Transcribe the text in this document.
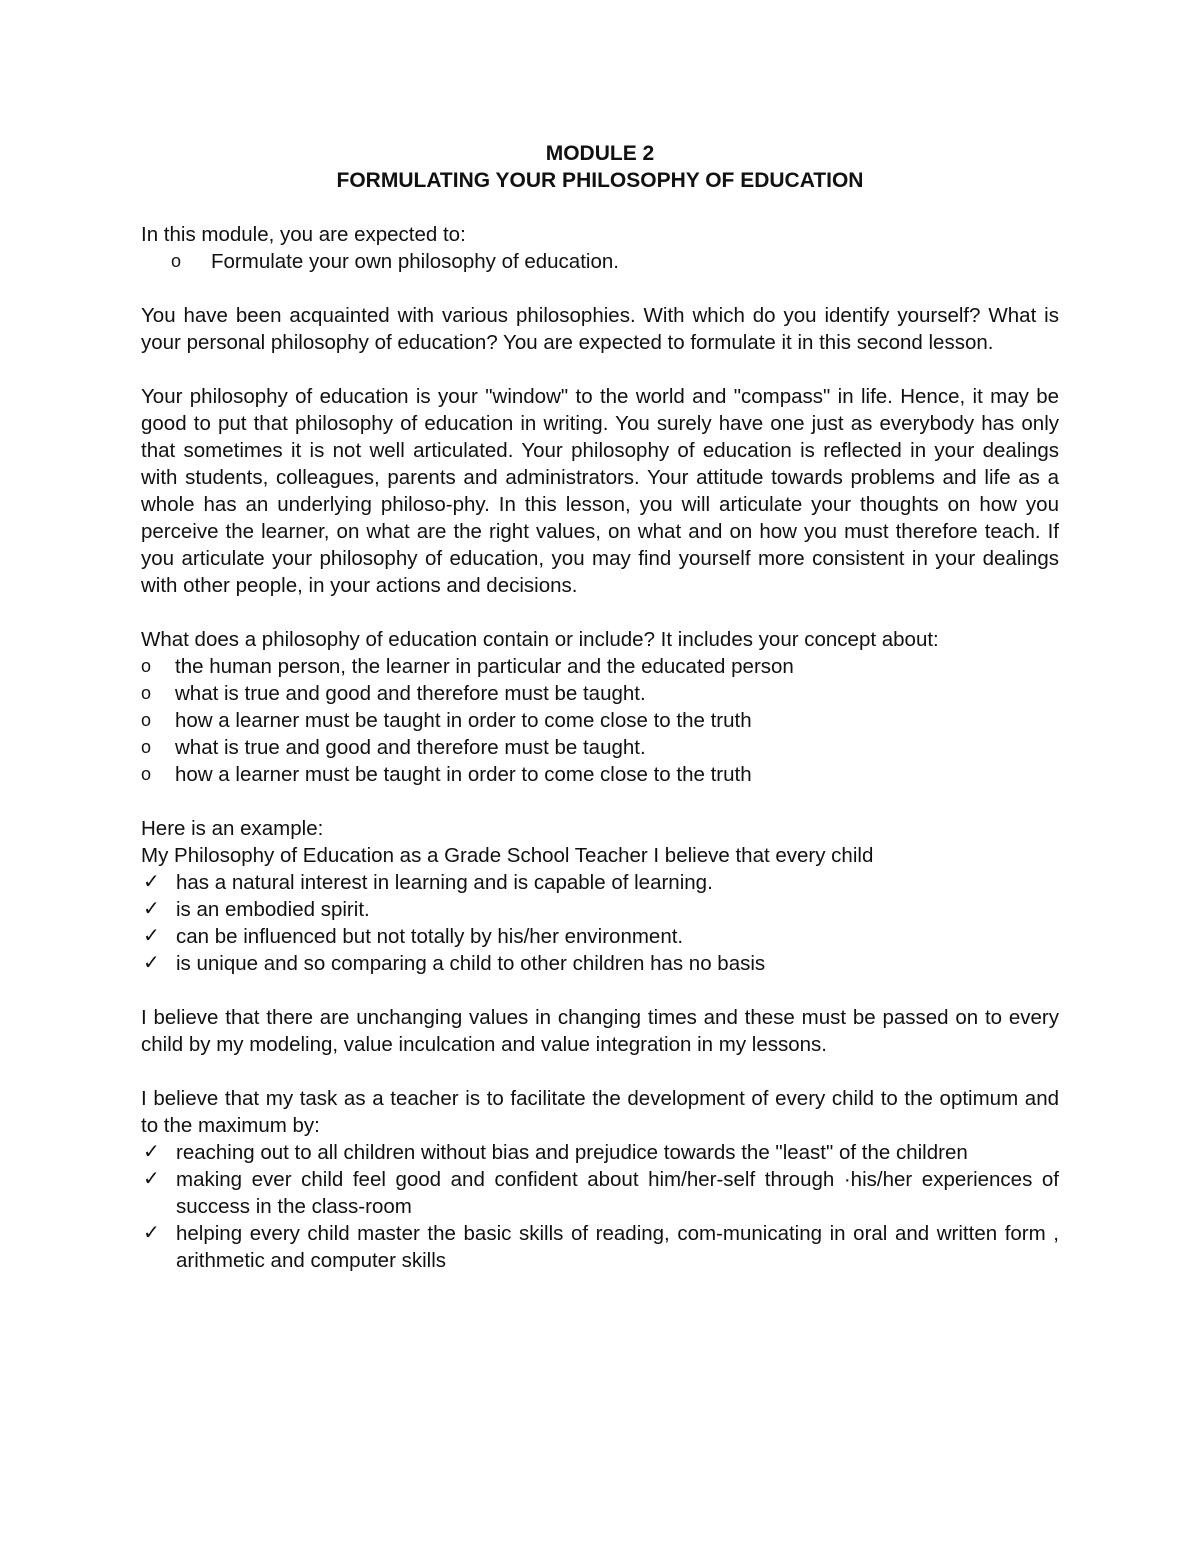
MODULE 2
FORMULATING YOUR PHILOSOPHY OF EDUCATION

In this module, you are expected to:

o	Formulate your own philosophy of education.

You have been acquainted with various philosophies. With which do you identify yourself? What is your personal philosophy of education? You are expected to formulate it in this second lesson.

Your philosophy of education is your "window" to the world and "compass" in life. Hence, it may be good to put that philosophy of education in writing. You surely have one just as everybody has only that sometimes it is not well articulated. Your philosophy of education is reflected in your dealings with students, colleagues, parents and administrators. Your attitude towards problems and life as a whole has an underlying philoso-phy. In this lesson, you will articulate your thoughts on how you perceive the learner, on what are the right values, on what and on how you must therefore teach. If you articulate your philosophy of education, you may find yourself more consistent in your dealings with other people, in your actions and decisions.

What does a philosophy of education contain or include? It includes your concept about:

o	the human person, the learner in particular and the educated person
o	what is true and good and therefore must be taught.
o	how a learner must be taught in order to come close to the truth
o	what is true and good and therefore must be taught.
o	how a learner must be taught in order to come close to the truth

Here is an example:

My Philosophy of Education as a Grade School Teacher I believe that every child

✓ has a natural interest in learning and is capable of learning.
✓ is an embodied spirit.
✓ can be influenced but not totally by his/her environment.
✓ is unique and so comparing a child to other children has no basis

I believe that there are unchanging values in changing times and these must be passed on to every child by my modeling, value inculcation and value integration in my lessons.

I believe that my task as a teacher is to facilitate the development of every child to the optimum and to the maximum by:

✓ reaching out to all children without bias and prejudice towards the "least" of the children
✓ making ever child feel good and confident about him/her-self through ·his/her experiences of success in the class-room
✓ helping every child master the basic skills of reading, com-municating in oral and written form , arithmetic and computer skills
